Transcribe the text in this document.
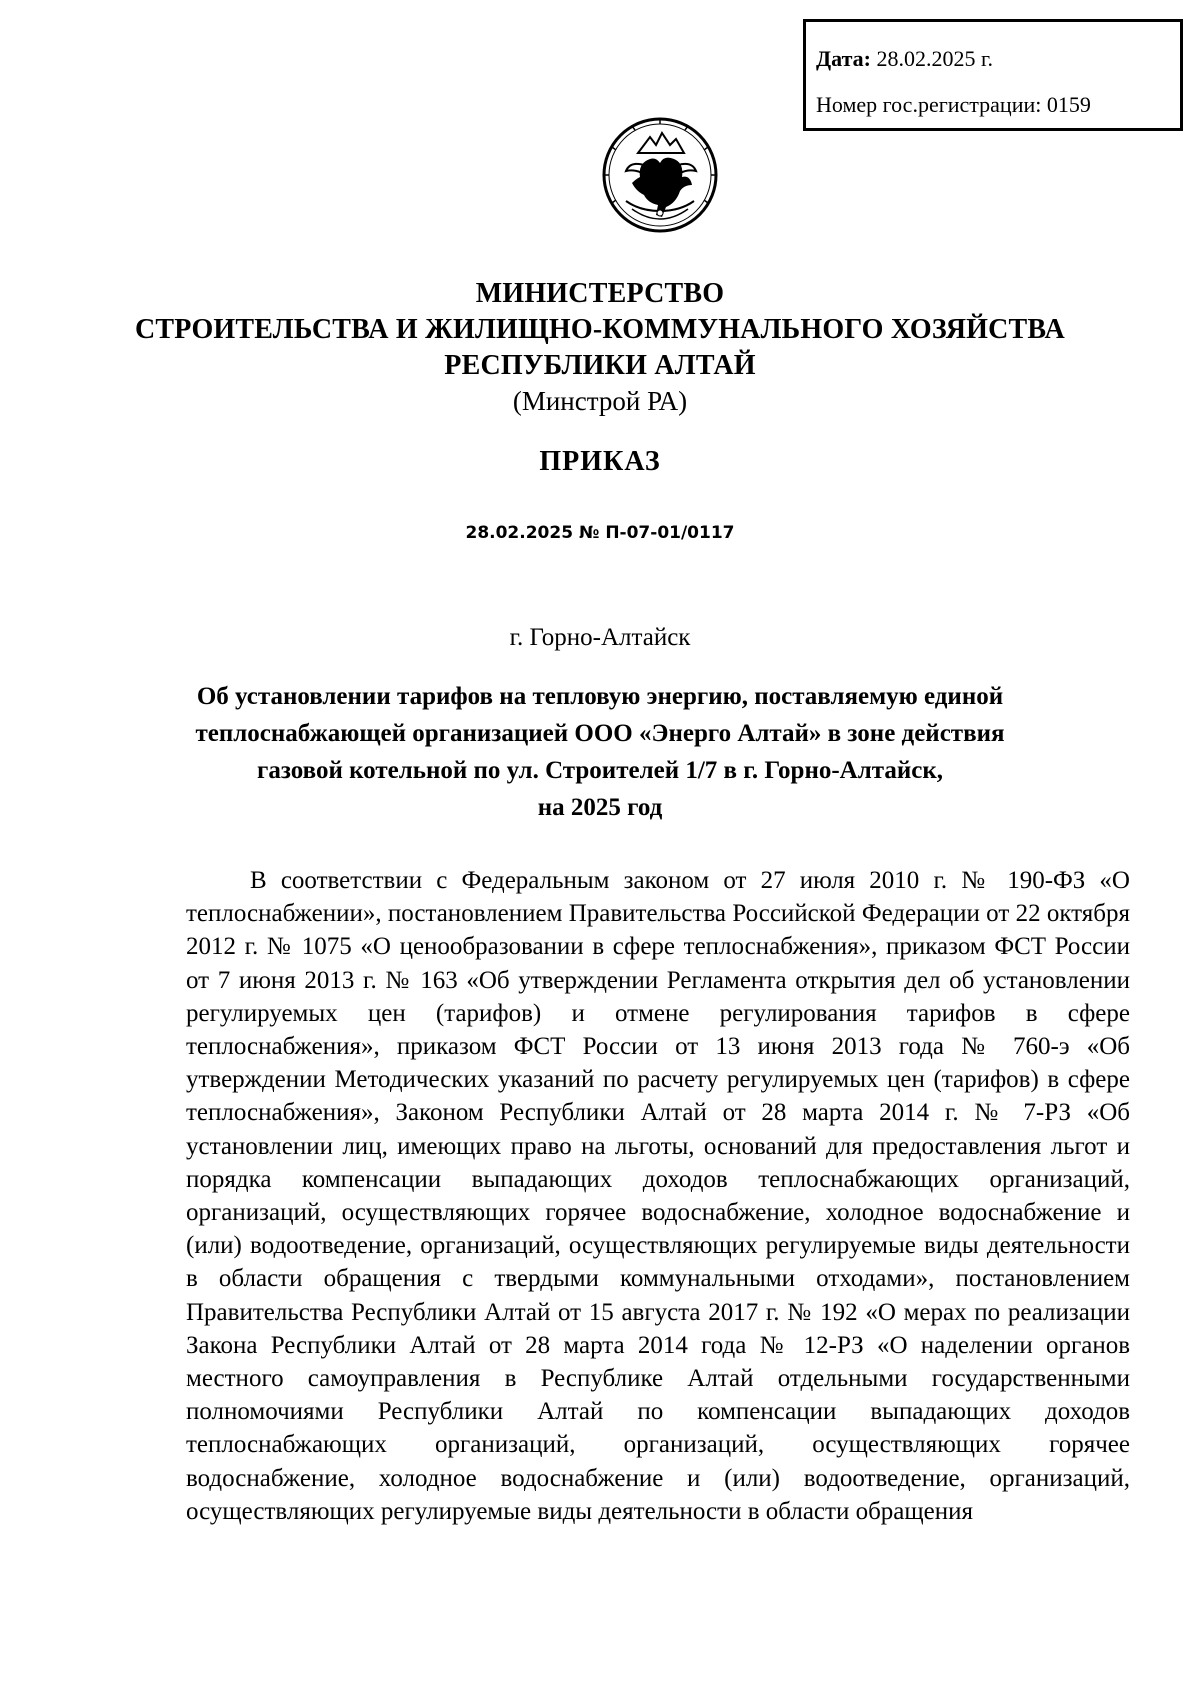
Дата: 28.02.2025 г.
Номер гос.регистрации: 0159
МИНИСТЕРСТВО
СТРОИТЕЛЬСТВА И ЖИЛИЩНО-КОММУНАЛЬНОГО ХОЗЯЙСТВА
РЕСПУБЛИКИ АЛТАЙ
(Минстрой РА)
ПРИКАЗ
28.02.2025 № П-07-01/0117
г. Горно-Алтайск
Об установлении тарифов на тепловую энергию, поставляемую единой
теплоснабжающей организацией ООО «Энерго Алтай» в зоне действия
газовой котельной по ул. Строителей 1/7 в г. Горно-Алтайск,
на 2025 год
В соответствии с Федеральным законом от 27 июля 2010 г. № 190-ФЗ «О теплоснабжении», постановлением Правительства Российской Федерации от 22 октября 2012 г. № 1075 «О ценообразовании в сфере теплоснабжения», приказом ФСТ России от 7 июня 2013 г. № 163 «Об утверждении Регламента открытия дел об установлении регулируемых цен (тарифов) и отмене регулирования тарифов в сфере теплоснабжения», приказом ФСТ России от 13 июня 2013 года № 760-э «Об утверждении Методических указаний по расчету регулируемых цен (тарифов) в сфере теплоснабжения», Законом Республики Алтай от 28 марта 2014 г. № 7-РЗ «Об установлении лиц, имеющих право на льготы, оснований для предоставления льгот и порядка компенсации выпадающих доходов теплоснабжающих организаций, организаций, осуществляющих горячее водоснабжение, холодное водоснабжение и (или) водоотведение, организаций, осуществляющих регулируемые виды деятельности в области обращения с твердыми коммунальными отходами», постановлением Правительства Республики Алтай от 15 августа 2017 г. № 192 «О мерах по реализации Закона Республики Алтай от 28 марта 2014 года № 12-РЗ «О наделении органов местного самоуправления в Республике Алтай отдельными государственными полномочиями Республики Алтай по компенсации выпадающих доходов теплоснабжающих организаций, организаций, осуществляющих горячее водоснабжение, холодное водоснабжение и (или) водоотведение, организаций, осуществляющих регулируемые виды деятельности в области обращения
